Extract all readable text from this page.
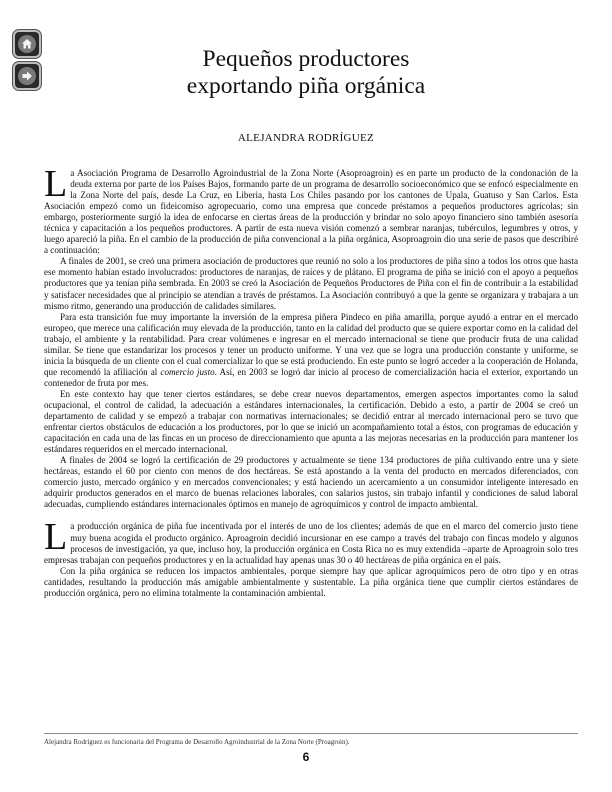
Pequeños productores
exportando piña orgánica
ALEJANDRA RODRÍGUEZ

La Asociación Programa de Desarrollo Agroindustrial de la Zona Norte (Asoproagroin) es en parte un producto de la condonación de la deuda externa por parte de los Países Bajos, formando parte de un programa de desarrollo socioeconómico que se enfocó especialmente en la Zona Norte del país, desde La Cruz, en Liberia, hasta Los Chiles pasando por los cantones de Upala, Guatuso y San Carlos. Esta Asociación empezó como un fideicomiso agropecuario, como una empresa que concede préstamos a pequeños productores agrícolas; sin embargo, posteriormente surgió la idea de enfocarse en ciertas áreas de la producción y brindar no solo apoyo financiero sino también asesoría técnica y capacitación a los pequeños productores. A partir de esta nueva visión comenzó a sembrar naranjas, tubérculos, legumbres y otros, y luego apareció la piña. En el cambio de la producción de piña convencional a la piña orgánica, Asoproagroin dio una serie de pasos que describiré a continuación:

A finales de 2001, se creó una primera asociación de productores que reunió no solo a los productores de piña sino a todos los otros que hasta ese momento habían estado involucrados: productores de naranjas, de raíces y de plátano. El programa de piña se inició con el apoyo a pequeños productores que ya tenían piña sembrada. En 2003 se creó la Asociación de Pequeños Productores de Piña con el fin de contribuir a la estabilidad y satisfacer necesidades que al principio se atendían a través de préstamos. La Asociación contribuyó a que la gente se organizara y trabajara a un mismo ritmo, generando una producción de calidades similares.

Para esta transición fue muy importante la inversión de la empresa piñera Pindeco en piña amarilla, porque ayudó a entrar en el mercado europeo, que merece una calificación muy elevada de la producción, tanto en la calidad del producto que se quiere exportar como en la calidad del trabajo, el ambiente y la rentabilidad. Para crear volúmenes e ingresar en el mercado internacional se tiene que producir fruta de una calidad similar. Se tiene que estandarizar los procesos y tener un producto uniforme. Y una vez que se logra una producción constante y uniforme, se inicia la búsqueda de un cliente con el cual comercializar lo que se está produciendo. En este punto se logró acceder a la cooperación de Holanda, que recomendó la afiliación al comercio justo. Así, en 2003 se logró dar inicio al proceso de comercialización hacia el exterior, exportando un contenedor de fruta por mes.

En este contexto hay que tener ciertos estándares, se debe crear nuevos departamentos, emergen aspectos importantes como la salud ocupacional, el control de calidad, la adecuación a estándares internacionales, la certificación. Debido a esto, a partir de 2004 se creó un departamento de calidad y se empezó a trabajar con normativas internacionales; se decidió entrar al mercado internacional pero se tuvo que enfrentar ciertos obstáculos de educación a los productores, por lo que se inició un acompañamiento total a éstos, con programas de educación y capacitación en cada una de las fincas en un proceso de direccionamiento que apunta a las mejoras necesarias en la producción para mantener los estándares requeridos en el mercado internacional.

A finales de 2004 se logró la certificación de 29 productores y actualmente se tiene 134 productores de piña cultivando entre una y siete hectáreas, estando el 60 por ciento con menos de dos hectáreas. Se está apostando a la venta del producto en mercados diferenciados, con comercio justo, mercado orgánico y en mercados convencionales; y está haciendo un acercamiento a un consumidor inteligente interesado en adquirir productos generados en el marco de buenas relaciones laborales, con salarios justos, sin trabajo infantil y condiciones de salud laboral adecuadas, cumpliendo estándares internacionales óptimos en manejo de agroquímicos y control de impacto ambiental.

La producción orgánica de piña fue incentivada por el interés de uno de los clientes; además de que en el marco del comercio justo tiene muy buena acogida el producto orgánico. Aproagroin decidió incursionar en ese campo a través del trabajo con fincas modelo y algunos procesos de investigación, ya que, incluso hoy, la producción orgánica en Costa Rica no es muy extendida –aparte de Aproagroin solo tres empresas trabajan con pequeños productores y en la actualidad hay apenas unas 30 o 40 hectáreas de piña orgánica en el país.

Con la piña orgánica se reducen los impactos ambientales, porque siempre hay que aplicar agroquímicos pero de otro tipo y en otras cantidades, resultando la producción más amigable ambientalmente y sustentable. La piña orgánica tiene que cumplir ciertos estándares de producción orgánica, pero no elimina totalmente la contaminación ambiental.

Alejandra Rodríguez es funcionaria del Programa de Desarrollo Agroindustrial de la Zona Norte (Proagroin).
6
